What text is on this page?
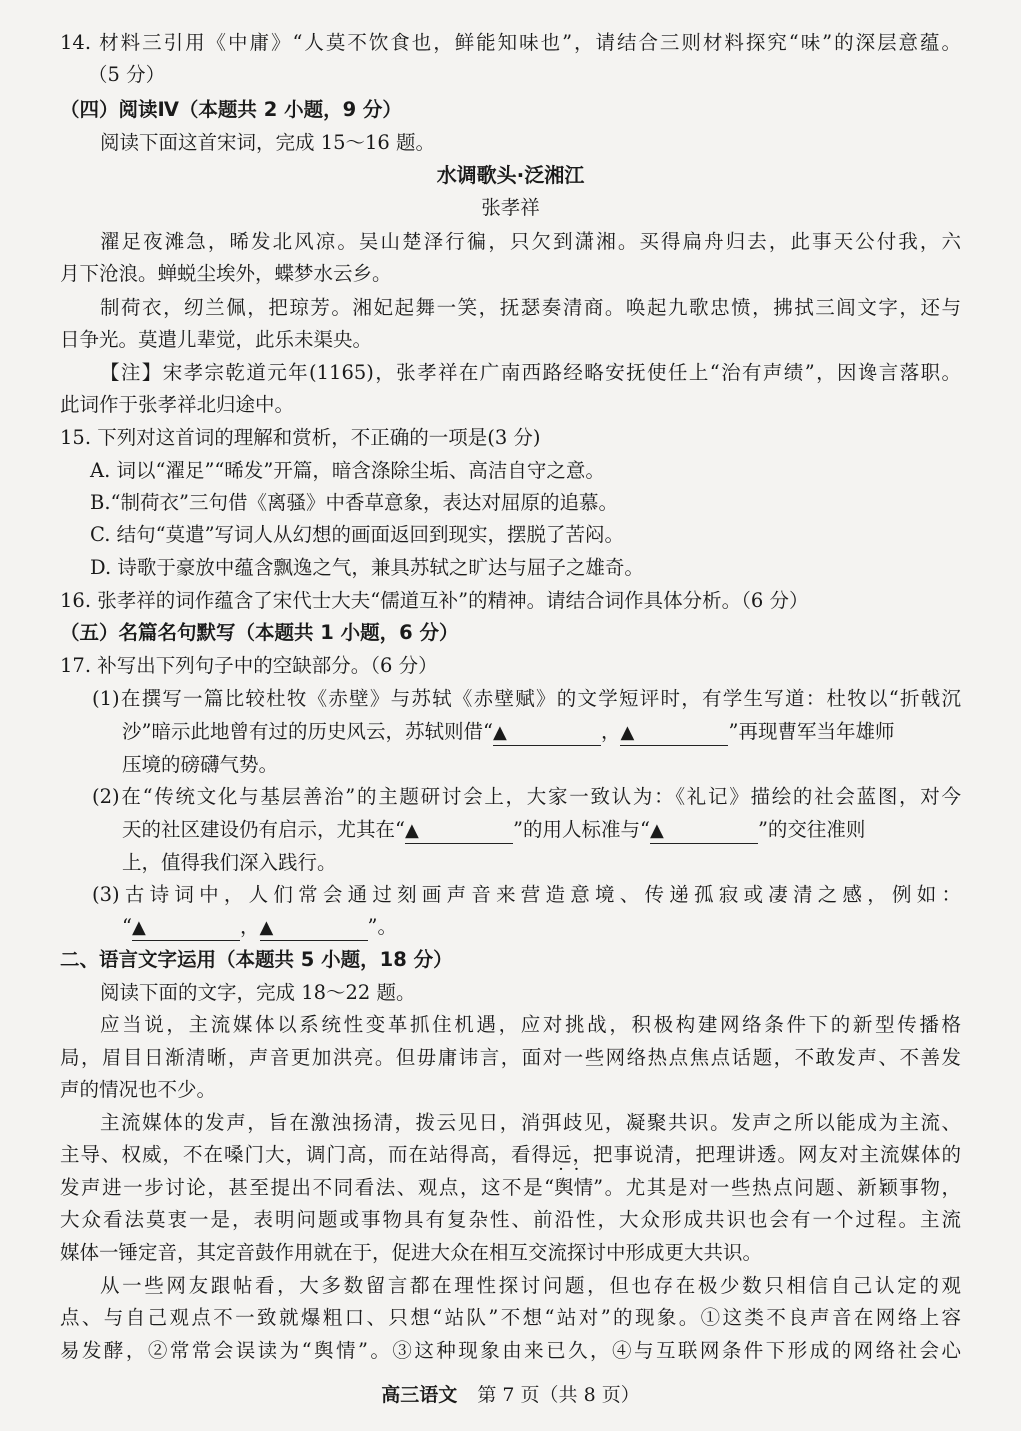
14. 材料三引用《中庸》“人莫不饮食也，鲜能知味也”，请结合三则材料探究“味”的深层意蕴。
（5 分）
（四）阅读Ⅳ（本题共 2 小题，9 分）
阅读下面这首宋词，完成 15～16 题。
水调歌头·泛湘江
张孝祥
濯足夜滩急，晞发北风凉。吴山楚泽行徧，只欠到潇湘。买得扁舟归去，此事天公付我，六
月下沧浪。蝉蜕尘埃外，蝶梦水云乡。
制荷衣，纫兰佩，把琼芳。湘妃起舞一笑，抚瑟奏清商。唤起九歌忠愤，拂拭三闾文字，还与
日争光。莫遣儿辈觉，此乐未渠央。
【注】宋孝宗乾道元年(1165)，张孝祥在广南西路经略安抚使任上“治有声绩”，因谗言落职。
此词作于张孝祥北归途中。
15. 下列对这首词的理解和赏析，不正确的一项是(3 分)
A. 词以“濯足”“晞发”开篇，暗含涤除尘垢、高洁自守之意。
B.“制荷衣”三句借《离骚》中香草意象，表达对屈原的追慕。
C. 结句“莫遣”写词人从幻想的画面返回到现实，摆脱了苦闷。
D. 诗歌于豪放中蕴含飘逸之气，兼具苏轼之旷达与屈子之雄奇。
16. 张孝祥的词作蕴含了宋代士大夫“儒道互补”的精神。请结合词作具体分析。（6 分）
（五）名篇名句默写（本题共 1 小题，6 分）
17. 补写出下列句子中的空缺部分。（6 分）
(1)在撰写一篇比较杜牧《赤壁》与苏轼《赤壁赋》的文学短评时，有学生写道：杜牧以“折戟沉
沙”暗示此地曾有过的历史风云，苏轼则借“▲	，▲	”再现曹军当年雄师
压境的磅礴气势。
(2)在“传统文化与基层善治”的主题研讨会上，大家一致认为：《礼记》描绘的社会蓝图，对今
天的社区建设仍有启示，尤其在“▲	”的用人标准与“▲	”的交往准则
上，值得我们深入践行。
(3)古诗词中，人们常会通过刻画声音来营造意境、传递孤寂或凄清之感，例如：
“▲	，▲	”。
二、语言文字运用（本题共 5 小题，18 分）
阅读下面的文字，完成 18～22 题。
应当说，主流媒体以系统性变革抓住机遇，应对挑战，积极构建网络条件下的新型传播格
局，眉目日渐清晰，声音更加洪亮。但毋庸讳言，面对一些网络热点焦点话题，不敢发声、不善发
声的情况也不少。
主流媒体的发声，旨在激浊扬清，拨云见日，消弭歧见，凝聚共识。发声之所以能成为主流、
主导、权威，不在嗓门大，调门高，而在站得高，看得远，把事说清，把理讲透。网友对主流媒体的
发声进一步讨论，甚至提出不同看法、观点，这不是“· · 舆情”。尤其是对一些热点问题、新颖事物，
大众看法莫衷一是，表明问题或事物具有复杂性、前沿性，大众形成共识也会有一个过程。主流
媒体一锤定音，其定音鼓作用就在于，促进大众在相互交流探讨中形成更大共识。
从一些网友跟帖看，大多数留言都在理性探讨问题，但也存在极少数只相信自己认定的观
点、与自己观点不一致就爆粗口、只想“站队”不想“站对”的现象。①这类不良声音在网络上容
易发酵，②常常会误读为“舆情”。③这种现象由来已久，④与互联网条件下形成的网络社会心
高三语文 第 7 页（共 8 页）
